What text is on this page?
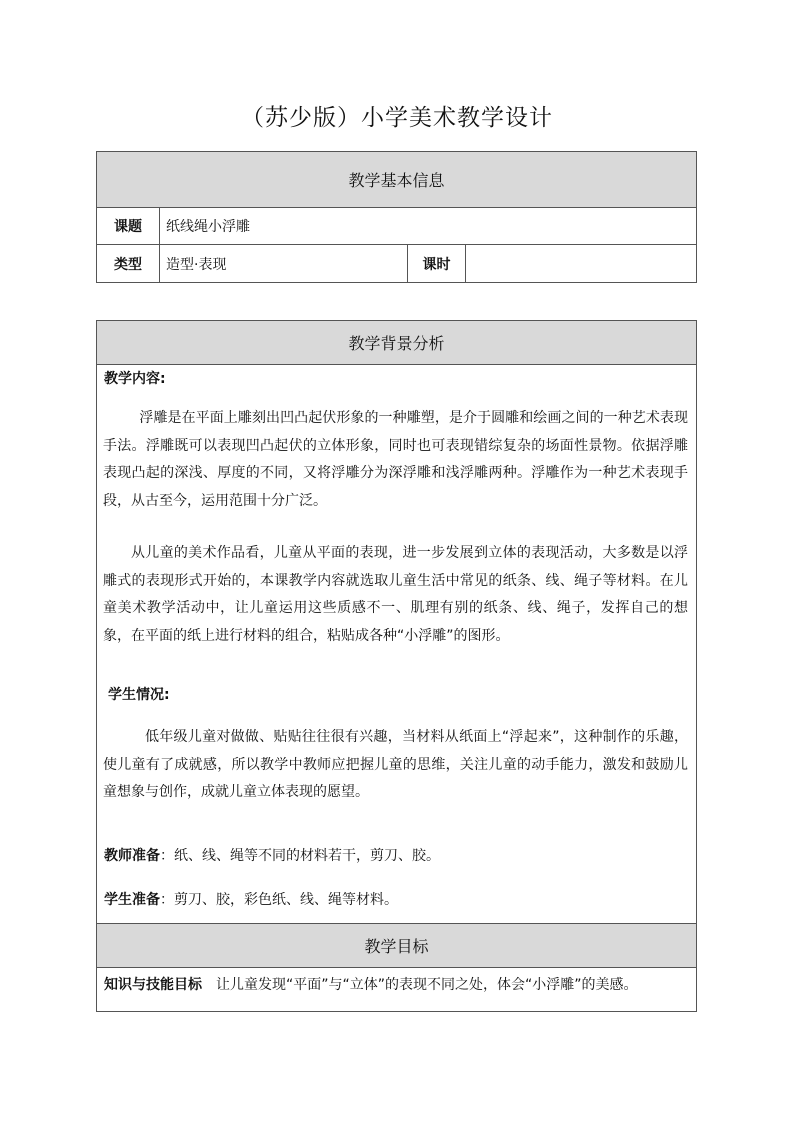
（苏少版）小学美术教学设计
教学基本信息
课题	纸线绳小浮雕
类型	造型·表现	课时
教学背景分析
教学目标
教学内容:
浮雕是在平面上雕刻出凹凸起伏形象的一种雕塑，是介于圆雕和绘画之间的一种艺术表现手法。浮雕既可以表现凹凸起伏的立体形象，同时也可表现错综复杂的场面性景物。依据浮雕表现凸起的深浅、厚度的不同，又将浮雕分为深浮雕和浅浮雕两种。浮雕作为一种艺术表现手段，从古至今，运用范围十分广泛。
从儿童的美术作品看，儿童从平面的表现，进一步发展到立体的表现活动，大多数是以浮雕式的表现形式开始的，本课教学内容就选取儿童生活中常见的纸条、线、绳子等材料。在儿童美术教学活动中，让儿童运用这些质感不一、肌理有别的纸条、线、绳子，发挥自己的想象，在平面的纸上进行材料的组合，粘贴成各种“小浮雕”的图形。
学生情况:
低年级儿童对做做、贴贴往往很有兴趣，当材料从纸面上“浮起来”，这种制作的乐趣，使儿童有了成就感，所以教学中教师应把握儿童的思维，关注儿童的动手能力，激发和鼓励儿童想象与创作，成就儿童立体表现的愿望。
教师准备：纸、线、绳等不同的材料若干，剪刀、胶。
学生准备：剪刀、胶，彩色纸、线、绳等材料。
知识与技能目标 让儿童发现“平面”与“立体”的表现不同之处，体会“小浮雕”的美感。
